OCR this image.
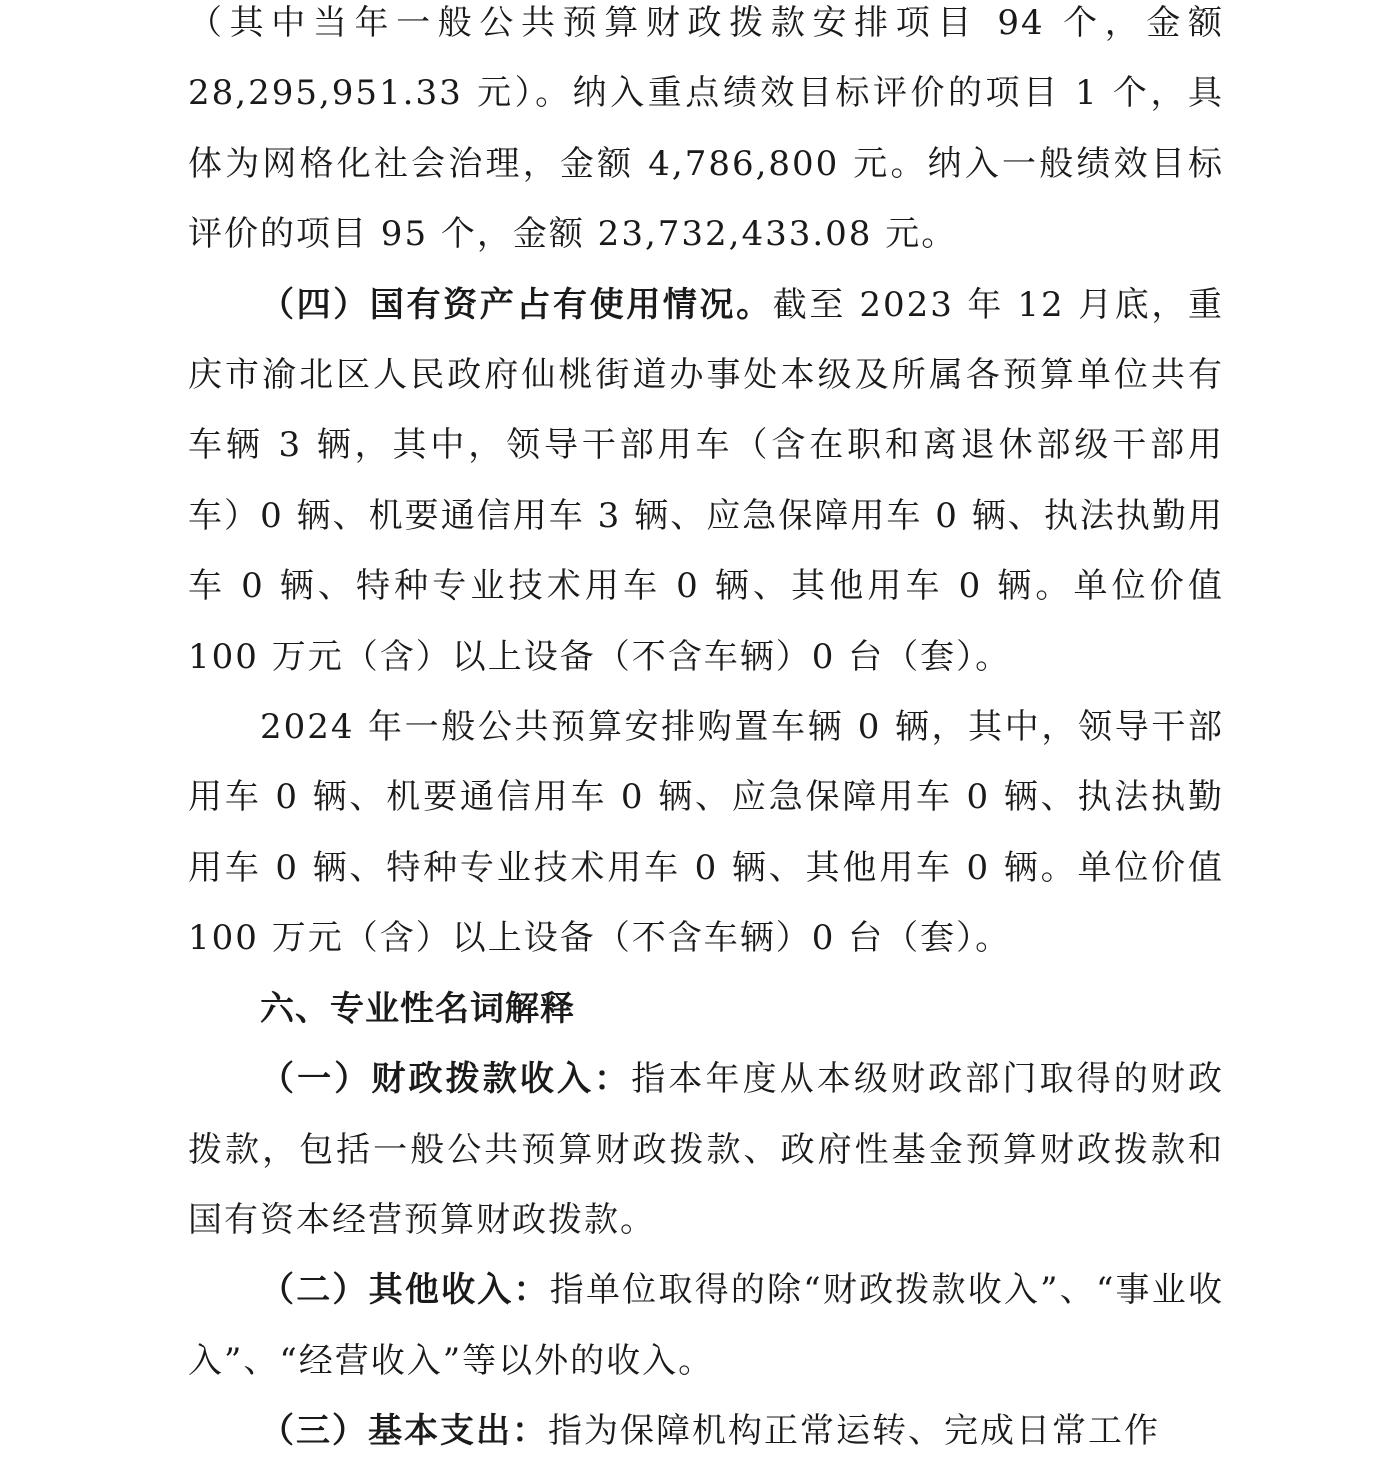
（其中当年一般公共预算财政拨款安排项目 94 个，金额 28,295,951.33 元）。纳入重点绩效目标评价的项目 1 个，具体为网格化社会治理，金额 4,786,800 元。纳入一般绩效目标评价的项目 95 个，金额 23,732,433.08 元。

（四）国有资产占有使用情况。截至 2023 年 12 月底，重庆市渝北区人民政府仙桃街道办事处本级及所属各预算单位共有车辆 3 辆，其中，领导干部用车（含在职和离退休部级干部用车）0 辆、机要通信用车 3 辆、应急保障用车 0 辆、执法执勤用车 0 辆、特种专业技术用车 0 辆、其他用车 0 辆。单位价值 100 万元（含）以上设备（不含车辆）0 台（套）。

2024 年一般公共预算安排购置车辆 0 辆，其中，领导干部用车 0 辆、机要通信用车 0 辆、应急保障用车 0 辆、执法执勤用车 0 辆、特种专业技术用车 0 辆、其他用车 0 辆。单位价值 100 万元（含）以上设备（不含车辆）0 台（套）。

六、专业性名词解释

（一）财政拨款收入：指本年度从本级财政部门取得的财政拨款，包括一般公共预算财政拨款、政府性基金预算财政拨款和国有资本经营预算财政拨款。

（二）其他收入：指单位取得的除“财政拨款收入”、“事业收入”、“经营收入”等以外的收入。

（三）基本支出：指为保障机构正常运转、完成日常工作
